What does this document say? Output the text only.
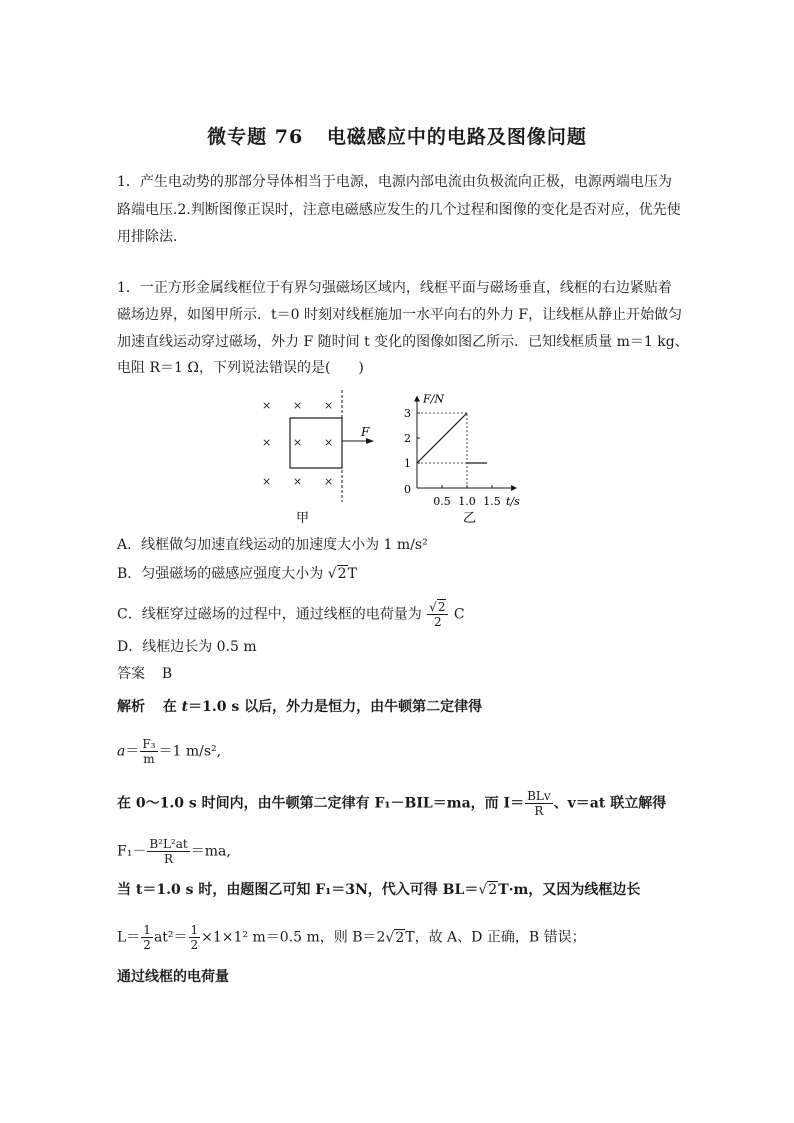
微专题 76 电磁感应中的电路及图像问题
1．产生电动势的那部分导体相当于电源，电源内部电流由负极流向正极，电源两端电压为
路端电压.2.判断图像正误时，注意电磁感应发生的几个过程和图像的变化是否对应，优先使
用排除法．
1．一正方形金属线框位于有界匀强磁场区域内，线框平面与磁场垂直，线框的右边紧贴着
磁场边界，如图甲所示．t＝0 时刻对线框施加一水平向右的外力 F，让线框从静止开始做匀
加速直线运动穿过磁场，外力 F 随时间 t 变化的图像如图乙所示．已知线框质量 m＝1 kg、
电阻 R＝1 Ω，下列说法错误的是(　　)
F
× × ×
× × ×
× × ×
甲
F/N
t/s
0
0.5 1.0 1.5
1
2
3
乙
A．线框做匀加速直线运动的加速度大小为 1 m/s²
B．匀强磁场的磁感应强度大小为 √2T
C．线框穿过磁场的过程中，通过线框的电荷量为 $\frac{√2}{2}$ C
D．线框边长为 0.5 m
答案 B
解析 在 t＝1.0 s 以后，外力是恒力，由牛顿第二定律得
$a= \frac{\text{F₃}}{m} =1$ m/s²,
在 0～1.0 s 时间内，由牛顿第二定律有 F₁－BIL＝ma，而 $I= \frac{\text{BLv}}{R}$ 、v＝at 联立解得
$F_1- \frac{\text{B²L²at}}{R} =ma$,
当 t＝1.0 s 时，由题图乙可知 F₁＝3N，代入可得 BL＝√2T·m，又因为线框边长
$L= \frac{1}{2} at^2= \frac{1}{2} \times 1\times 1^2$ m＝0.5 m，则 B＝2√2T，故 A、D 正确，B 错误；
通过线框的电荷量
